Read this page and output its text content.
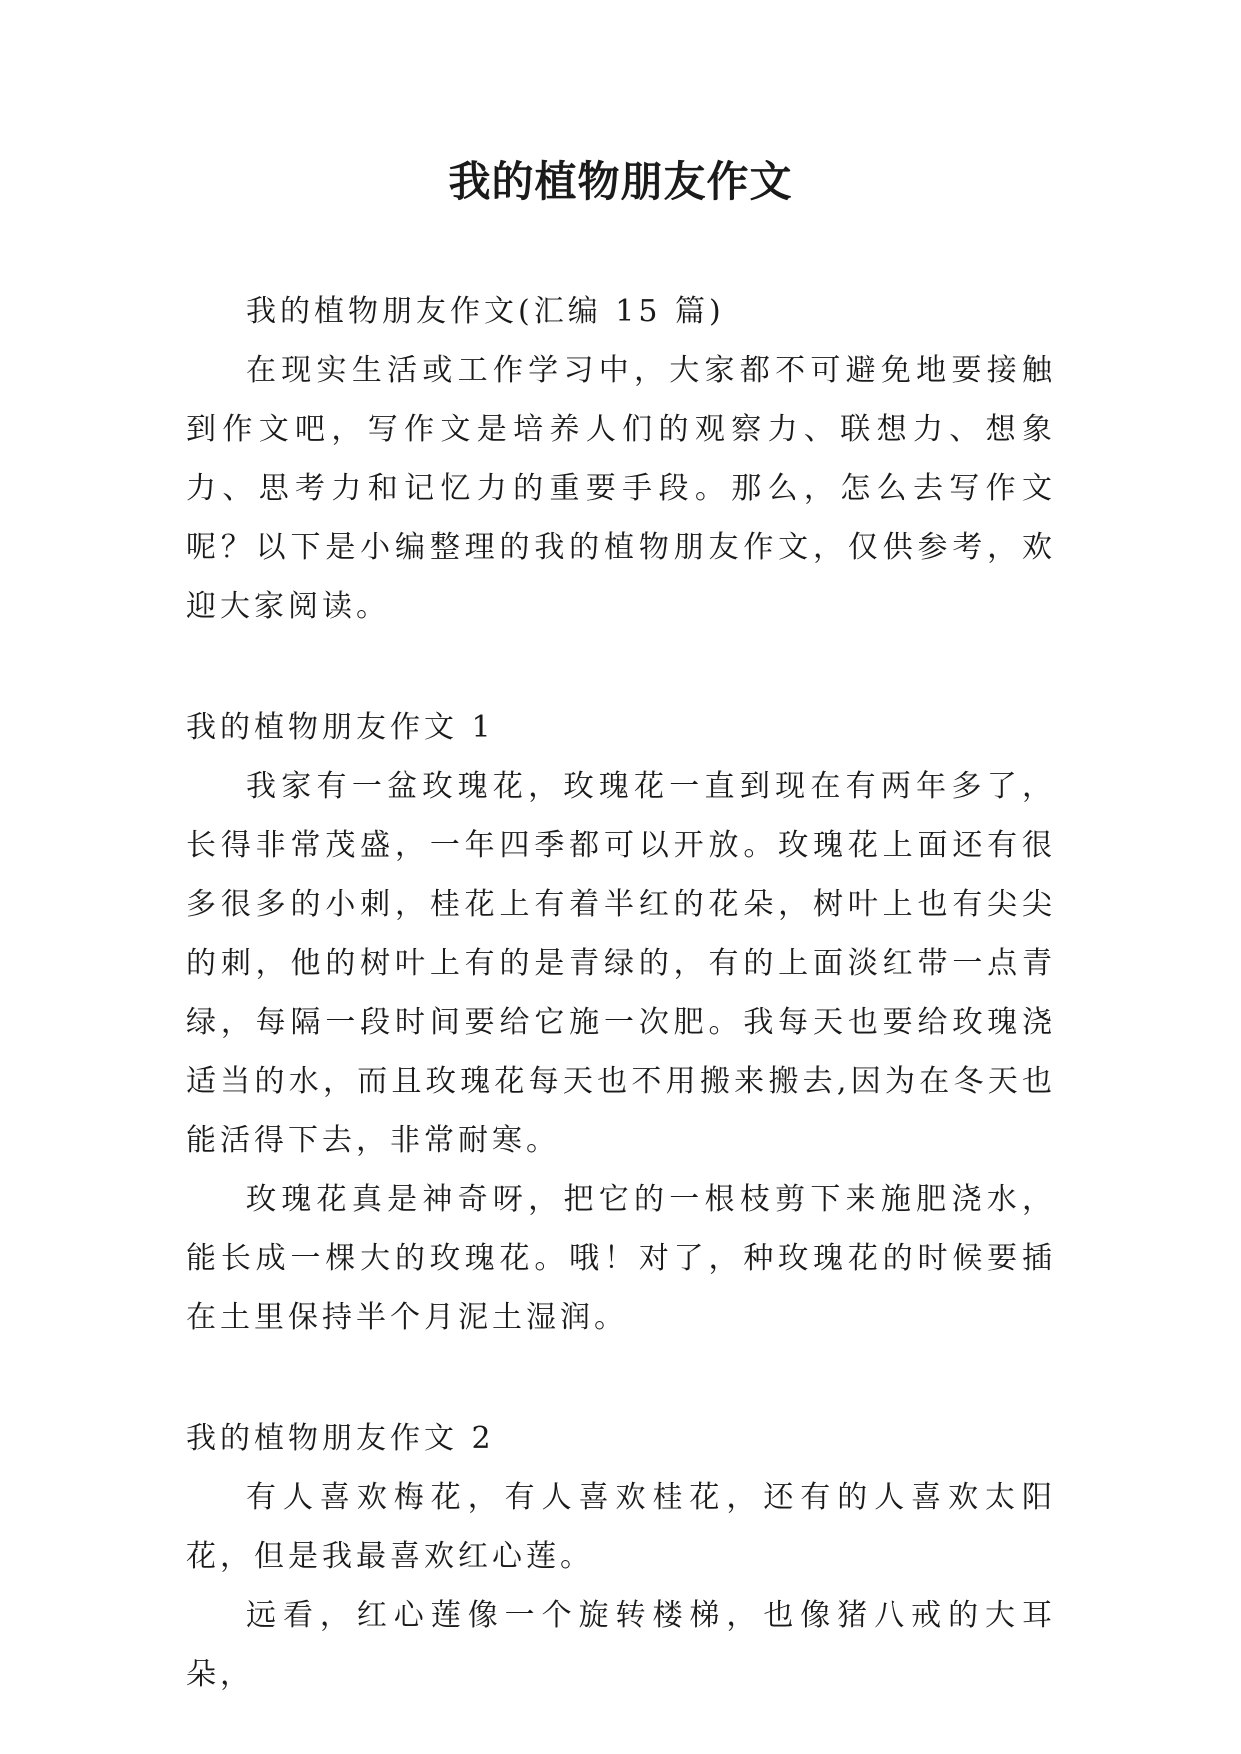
我的植物朋友作文

我的植物朋友作文(汇编 15 篇)

在现实生活或工作学习中，大家都不可避免地要接触到作文吧，写作文是培养人们的观察力、联想力、想象力、思考力和记忆力的重要手段。那么，怎么去写作文呢？以下是小编整理的我的植物朋友作文，仅供参考，欢迎大家阅读。

我的植物朋友作文 1

我家有一盆玫瑰花，玫瑰花一直到现在有两年多了，长得非常茂盛，一年四季都可以开放。玫瑰花上面还有很多很多的小刺，桂花上有着半红的花朵，树叶上也有尖尖的刺，他的树叶上有的是青绿的，有的上面淡红带一点青绿，每隔一段时间要给它施一次肥。我每天也要给玫瑰浇适当的水，而且玫瑰花每天也不用搬来搬去,因为在冬天也能活得下去，非常耐寒。

玫瑰花真是神奇呀，把它的一根枝剪下来施肥浇水，能长成一棵大的玫瑰花。哦！对了，种玫瑰花的时候要插在土里保持半个月泥土湿润。

我的植物朋友作文 2

有人喜欢梅花，有人喜欢桂花，还有的人喜欢太阳花，但是我最喜欢红心莲。

远看，红心莲像一个旋转楼梯，也像猪八戒的大耳朵，
